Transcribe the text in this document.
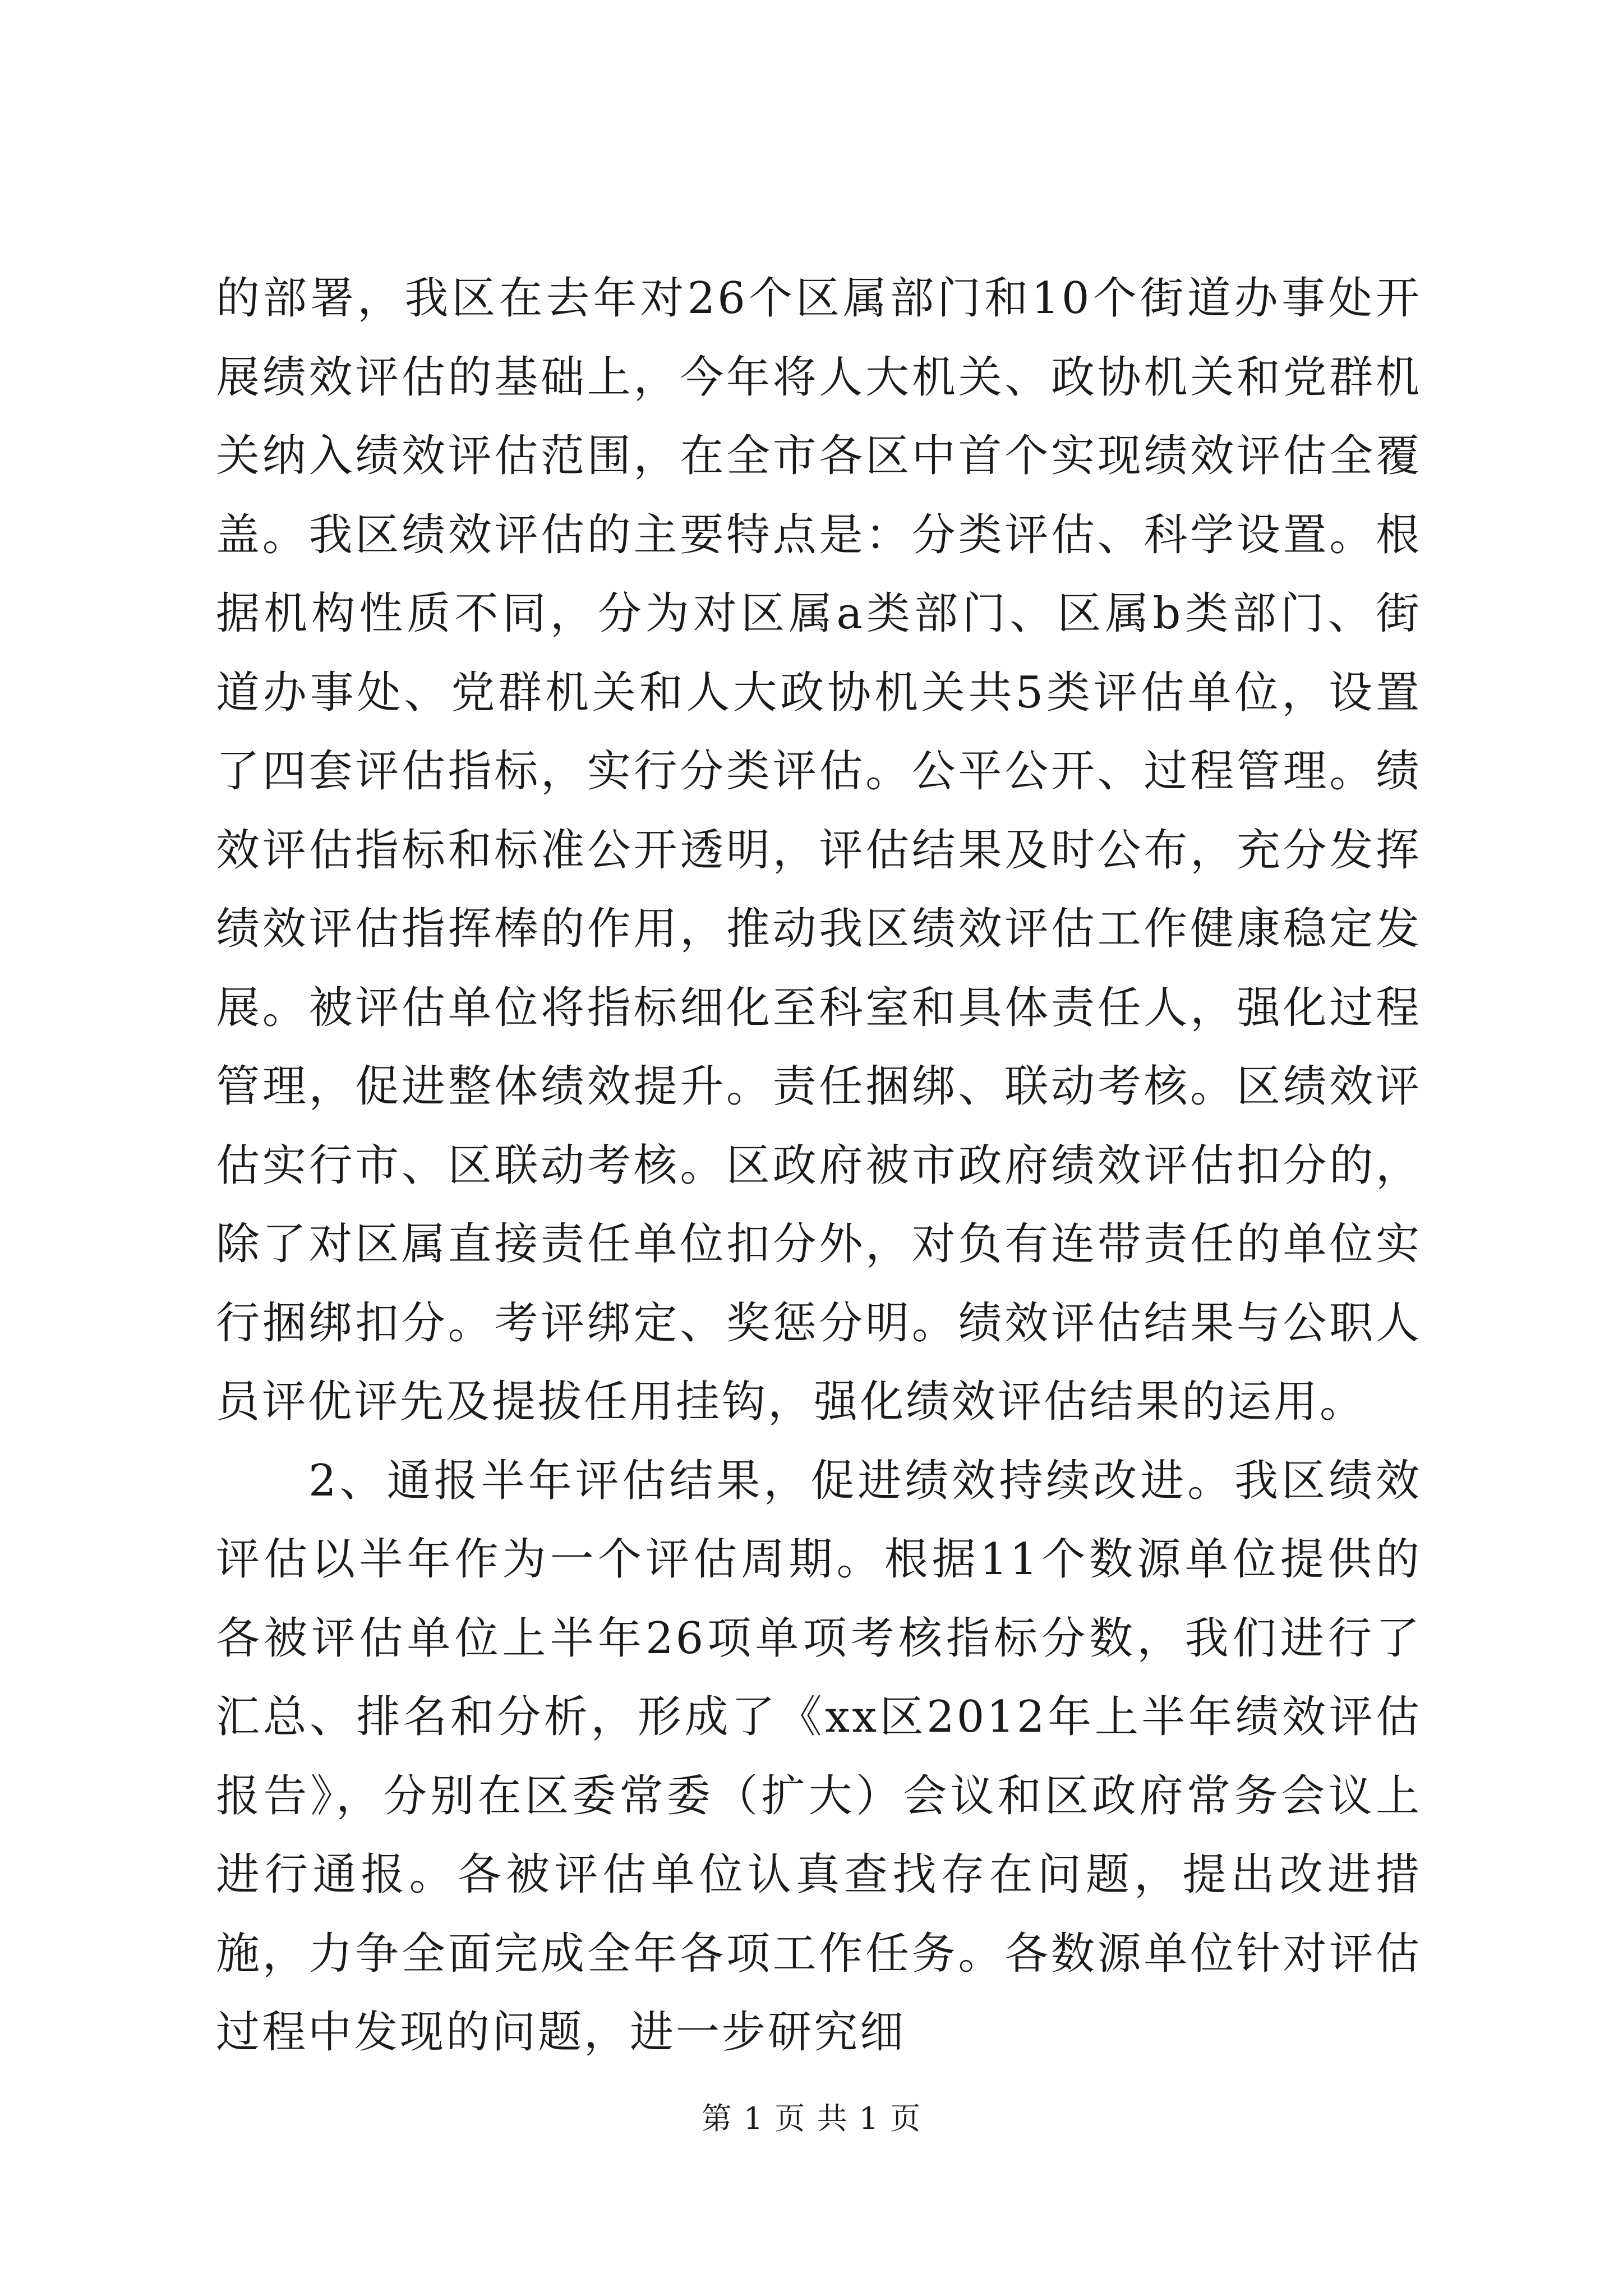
的部署，我区在去年对26个区属部门和10个街道办事处开展绩效评估的基础上，今年将人大机关、政协机关和党群机关纳入绩效评估范围，在全市各区中首个实现绩效评估全覆盖。我区绩效评估的主要特点是：分类评估、科学设置。根据机构性质不同，分为对区属a类部门、区属b类部门、街道办事处、党群机关和人大政协机关共5类评估单位，设置了四套评估指标，实行分类评估。公平公开、过程管理。绩效评估指标和标准公开透明，评估结果及时公布，充分发挥绩效评估指挥棒的作用，推动我区绩效评估工作健康稳定发展。被评估单位将指标细化至科室和具体责任人，强化过程管理，促进整体绩效提升。责任捆绑、联动考核。区绩效评估实行市、区联动考核。区政府被市政府绩效评估扣分的，除了对区属直接责任单位扣分外，对负有连带责任的单位实行捆绑扣分。考评绑定、奖惩分明。绩效评估结果与公职人员评优评先及提拔任用挂钩，强化绩效评估结果的运用。

2、通报半年评估结果，促进绩效持续改进。我区绩效评估以半年作为一个评估周期。根据11个数源单位提供的各被评估单位上半年26项单项考核指标分数，我们进行了汇总、排名和分析，形成了《xx区2012年上半年绩效评估报告》，分别在区委常委（扩大）会议和区政府常务会议上进行通报。各被评估单位认真查找存在问题，提出改进措施，力争全面完成全年各项工作任务。各数源单位针对评估过程中发现的问题，进一步研究细

第 1 页 共 1 页
